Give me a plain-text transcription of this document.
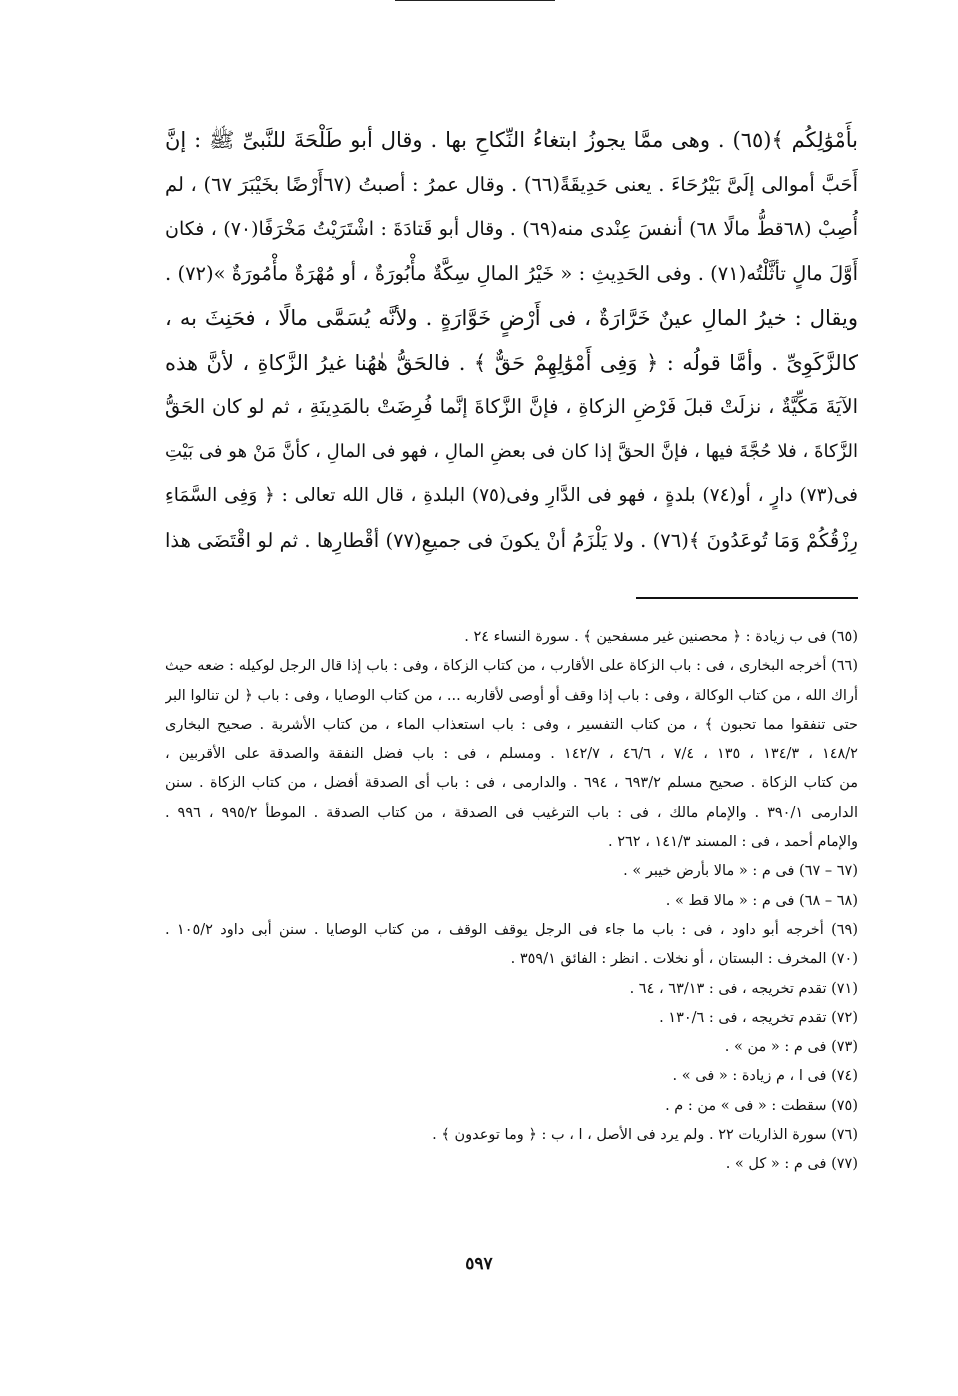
بأَمْوَٰلِكُم ﴾(٦٥) . وهى ممَّا يجوزُ ابتغاءُ النِّكاحِ بها . وقال أبو طَلْحَةَ للنَّبىِّ ﷺ : إنَّ
أَحَبَّ أموالى إلَىَّ بَيْرُحَاءَ . يعنى حَدِيقَةً(٦٦) . وقال عمرُ : أصبتُ (٦٧أَرْضًا بخَيْبَرَ ٦٧) ، لم
أُصِبْ (٦٨قطُّ مالًا ٦٨) أنفسَ عِنْدى منه(٦٩) . وقال أبو قَتادَةَ : اشْتَرَيْتُ مَخْرَفًا(٧٠) ، فكان
أَوَّلَ مالٍ تأثَّلْتُه(٧١) . وفى الحَدِيثِ : « خَيْرُ المالِ سِكَّةٌ مأْبُورَةٌ ، أو مُهْرَةٌ مأْمُورَةٌ »(٧٢) .
ويقال : خيرُ المالِ عينٌ خَرَّارَةٌ ، فى أَرْضٍ خَوَّارَةٍ . ولأنَّه يُسَمَّى مالًا ، فحَنِثَ به ،
كالزَّكَوِىِّ . وأمَّا قولُه : ﴿ وَفِى أَمْوَٰلِهِمْ حَقٌّ ﴾ . فالحَقُّ هٰهُنا غيرُ الزَّكاةِ ، لأنَّ هذه
الآيَةَ مَكِّيَّةٌ ، نزلَتْ قبلَ فَرْضِ الزكاةِ ، فإنَّ الزَّكاةَ إنَّما فُرِضَتْ بالمَدِينَةِ ، ثم لو كان الحَقُّ
الزَّكاةَ ، فلا حُجَّةَ فيها ، فإنَّ الحقَّ إذا كان فى بعضِ المالِ ، فهو فى المالِ ، كأنَّ مَنْ هو فى بَيْتِ
فى(٧٣) دارٍ ، أو(٧٤) بلدةٍ ، فهو فى الدَّارِ وفى(٧٥) البلدةِ ، قال الله تعالى : ﴿ وَفِى السَّمَاءِ
رِزْقُكُمْ وَمَا تُوعَدُونَ ﴾(٧٦) . ولا يَلْزَمُ أنْ يكونَ فى جميعِ(٧٧) أقْطارِها . ثم لو اقْتَضَى هذا
(٦٥) فى ب زيادة : ﴿ محصنين غير مسفحين ﴾ . سورة النساء ٢٤ .
(٦٦) أخرجه البخارى ، فى : باب الزكاة على الأقارب ، من كتاب الزكاة ، وفى : باب إذا قال الرجل لوكيله : ضعه حيث
أراك الله ، من كتاب الوكالة ، وفى : باب إذا وقف أو أوصى لأقاربه ... ، من كتاب الوصايا ، وفى : باب ﴿ لن تنالوا البر
حتى تنفقوا مما تحبون ﴾ ، من كتاب التفسير ، وفى : باب استعذاب الماء ، من كتاب الأشربة . صحيح البخارى
١٤٨/٢ ، ١٣٤/٣ ، ١٣٥ ، ٧/٤ ، ٤٦/٦ ، ١٤٢/٧ . ومسلم ، فى : باب فضل النفقة والصدقة على الأقربين ،
من كتاب الزكاة . صحيح مسلم ٦٩٣/٢ ، ٦٩٤ . والدارمى ، فى : باب أى الصدقة أفضل ، من كتاب الزكاة . سنن
الدارمى ٣٩٠/١ . والإمام مالك ، فى : باب الترغيب فى الصدقة ، من كتاب الصدقة . الموطأ ٩٩٥/٢ ، ٩٩٦ .
والإمام أحمد ، فى : المسند ١٤١/٣ ، ٢٦٢ .
(٦٧ – ٦٧) فى م : « مالا بأرض خيبر » .
(٦٨ – ٦٨) فى م : « مالا قط » .
(٦٩) أخرجه أبو داود ، فى : باب ما جاء فى الرجل يوقف الوقف ، من كتاب الوصايا . سنن أبى داود ١٠٥/٢ .
(٧٠) المخرف : البستان ، أو نخلات . انظر : الفائق ٣٥٩/١ .
(٧١) تقدم تخريجه ، فى : ٦٣/١٣ ، ٦٤ .
(٧٢) تقدم تخريجه ، فى : ١٣٠/٦ .
(٧٣) فى م : « من » .
(٧٤) فى ا ، م زيادة : « فى » .
(٧٥) سقطت : « فى » من : م .
(٧٦) سورة الذاريات ٢٢ . ولم يرد فى الأصل ، ا ، ب : ﴿ وما توعدون ﴾ .
(٧٧) فى م : « كل » .
٥٩٧
